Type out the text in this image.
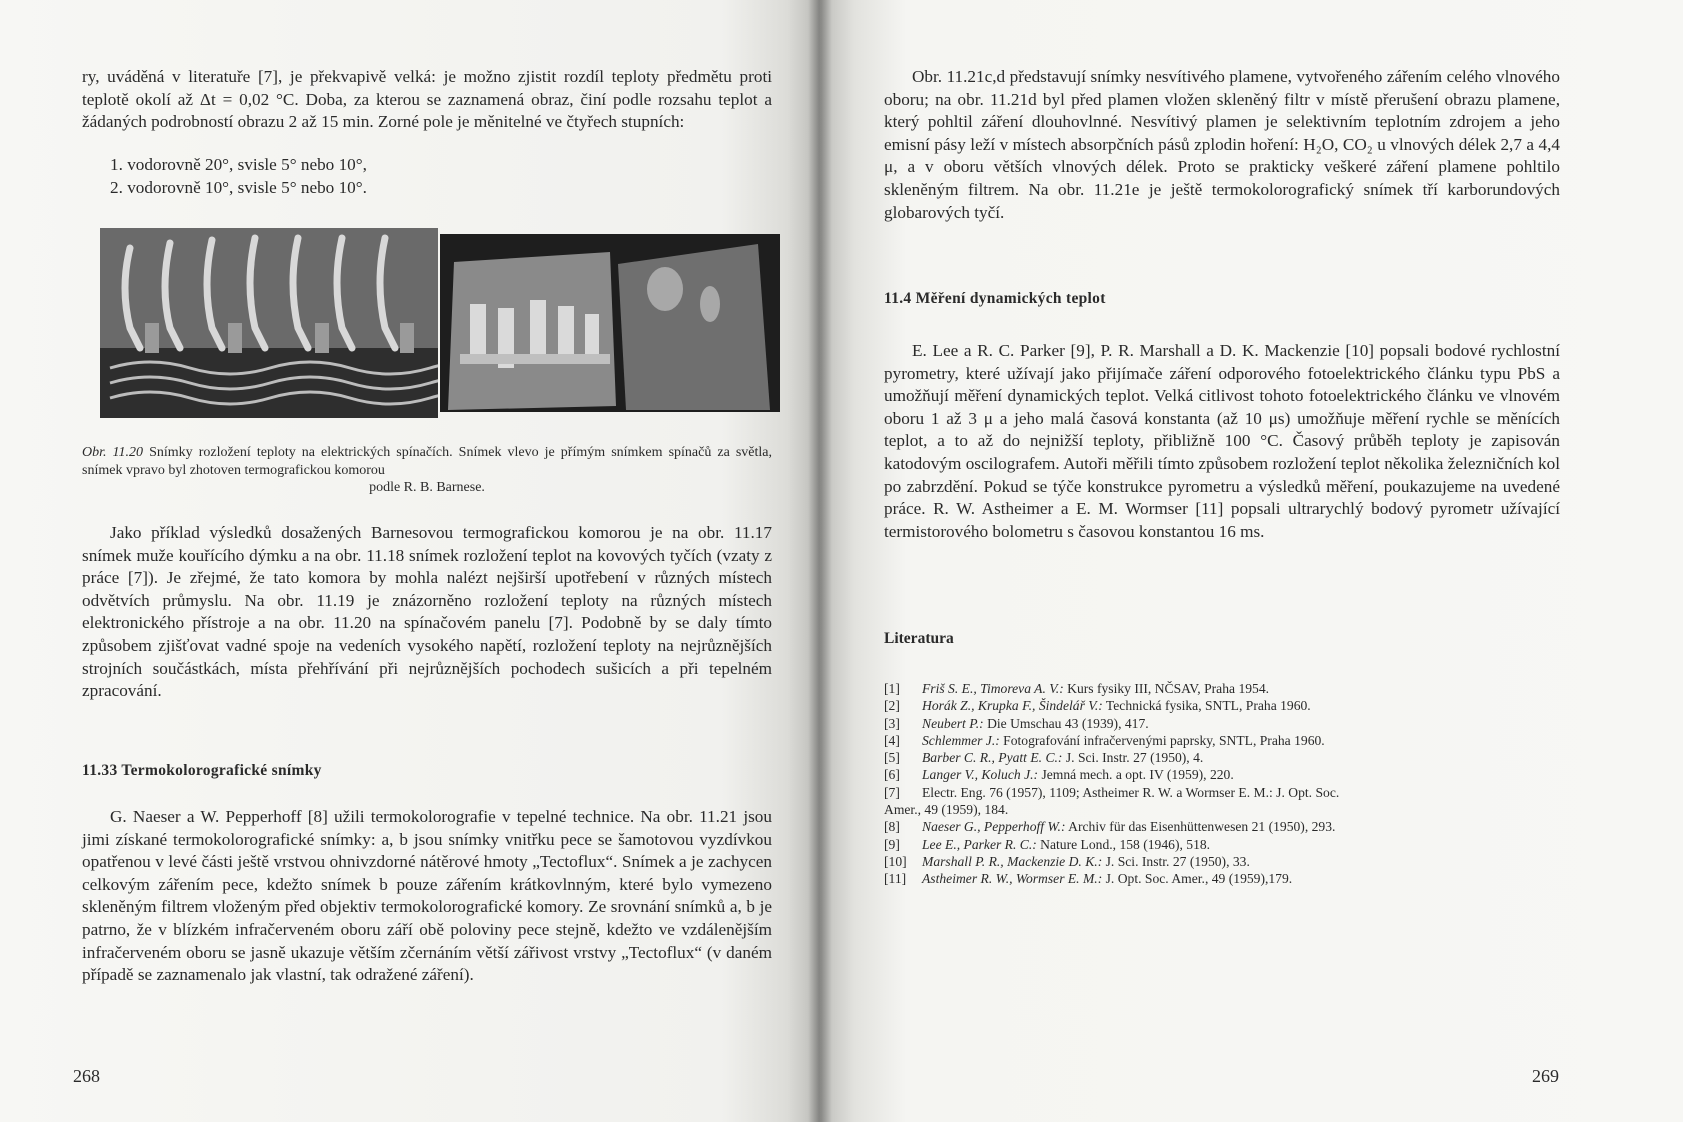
ry, uváděná v literatuře [7], je překvapivě velká: je možno zjistit rozdíl teploty předmětu proti teplotě okolí až Δt = 0,02 °C. Doba, za kterou se zaznamená obraz, činí podle rozsahu teplot a žádaných podrobností obrazu 2 až 15 min. Zorné pole je měnitelné ve čtyřech stupních:

1. vodorovně 20°, svisle 5° nebo 10°,
2. vodorovně 10°, svisle 5° nebo 10°.
Obr. 11.20 Snímky rozložení teploty na elektrických spínačích. Snímek vlevo je přímým snímkem spínačů za světla, snímek vpravo byl zhotoven termografickou komorou
podle R. B. Barnese.

Jako příklad výsledků dosažených Barnesovou termografickou komorou je na obr. 11.17 snímek muže kouřícího dýmku a na obr. 11.18 snímek rozložení teplot na kovových tyčích (vzaty z práce [7]). Je zřejmé, že tato komora by mohla nalézt nejširší upotřebení v různých místech odvětvích průmyslu. Na obr. 11.19 je znázorněno rozložení teploty na různých místech elektronického přístroje a na obr. 11.20 na spínačovém panelu [7]. Podobně by se daly tímto způsobem zjišťovat vadné spoje na vedeních vysokého napětí, rozložení teploty na nejrůznějších strojních součástkách, místa přehřívání při nejrůznějších pochodech sušicích a při tepelném zpracování.

11.33 Termokolorografické snímky

G. Naeser a W. Pepperhoff [8] užili termokolorografie v tepelné technice. Na obr. 11.21 jsou jimi získané termokolorografické snímky: a, b jsou snímky vnitřku pece se šamotovou vyzdívkou opatřenou v levé části ještě vrstvou ohnivzdorné nátěrové hmoty „Tectoflux“. Snímek a je zachycen celkovým zářením pece, kdežto snímek b pouze zářením krátkovlnným, které bylo vymezeno skleněným filtrem vloženým před objektiv termokolorografické komory. Ze srovnání snímků a, b je patrno, že v blízkém infračerveném oboru září obě poloviny pece stejně, kdežto ve vzdálenějším infračerveném oboru se jasně ukazuje větším zčernáním větší zářivost vrstvy „Tectoflux“ (v daném případě se zaznamenalo jak vlastní, tak odražené záření).

268

Obr. 11.21c,d představují snímky nesvítivého plamene, vytvořeného zářením celého vlnového oboru; na obr. 11.21d byl před plamen vložen skleněný filtr v místě přerušení obrazu plamene, který pohltil záření dlouhovlnné. Nesvítivý plamen je selektivním teplotním zdrojem a jeho emisní pásy leží v místech absorpčních pásů zplodin hoření: H₂O, CO₂ u vlnových délek 2,7 a 4,4 μ, a v oboru větších vlnových délek. Proto se prakticky veškeré záření plamene pohltilo skleněným filtrem. Na obr. 11.21e je ještě termokolorografický snímek tří karborundových globarových tyčí.

11.4 Měření dynamických teplot

E. Lee a R. C. Parker [9], P. R. Marshall a D. K. Mackenzie [10] popsali bodové rychlostní pyrometry, které užívají jako přijímače záření odporového fotoelektrického článku typu PbS a umožňují měření dynamických teplot. Velká citlivost tohoto fotoelektrického článku ve vlnovém oboru 1 až 3 μ a jeho malá časová konstanta (až 10 μs) umožňuje měření rychle se měnících teplot, a to až do nejnižší teploty, přibližně 100 °C. Časový průběh teploty je zapisován katodovým oscilografem. Autoři měřili tímto způsobem rozložení teplot několika železničních kol po zabrzdění. Pokud se týče konstrukce pyrometru a výsledků měření, poukazujeme na uvedené práce. R. W. Astheimer a E. M. Wormser [11] popsali ultrarychlý bodový pyrometr užívající termistorového bolometru s časovou konstantou 16 ms.

Literatura
[1]	Friš S. E., Timoreva A. V.: Kurs fysiky III, NČSAV, Praha 1954.
[2]	Horák Z., Krupka F., Šindelář V.: Technická fysika, SNTL, Praha 1960.
[3]	Neubert P.: Die Umschau 43 (1939), 417.
[4]	Schlemmer J.: Fotografování infračervenými paprsky, SNTL, Praha 1960.
[5]	Barber C. R., Pyatt E. C.: J. Sci. Instr. 27 (1950), 4.
[6]	Langer V., Koluch J.: Jemná mech. a opt. IV (1959), 220.
[7]	Electr. Eng. 76 (1957), 1109; Astheimer R. W. a Wormser E. M.: J. Opt. Soc.
Amer., 49 (1959), 184.
[8]	Naeser G., Pepperhoff W.: Archiv für das Eisenhüttenwesen 21 (1950), 293.
[9]	Lee E., Parker R. C.: Nature Lond., 158 (1946), 518.
[10]	Marshall P. R., Mackenzie D. K.: J. Sci. Instr. 27 (1950), 33.
[11]	Astheimer R. W., Wormser E. M.: J. Opt. Soc. Amer., 49 (1959),179.
269
